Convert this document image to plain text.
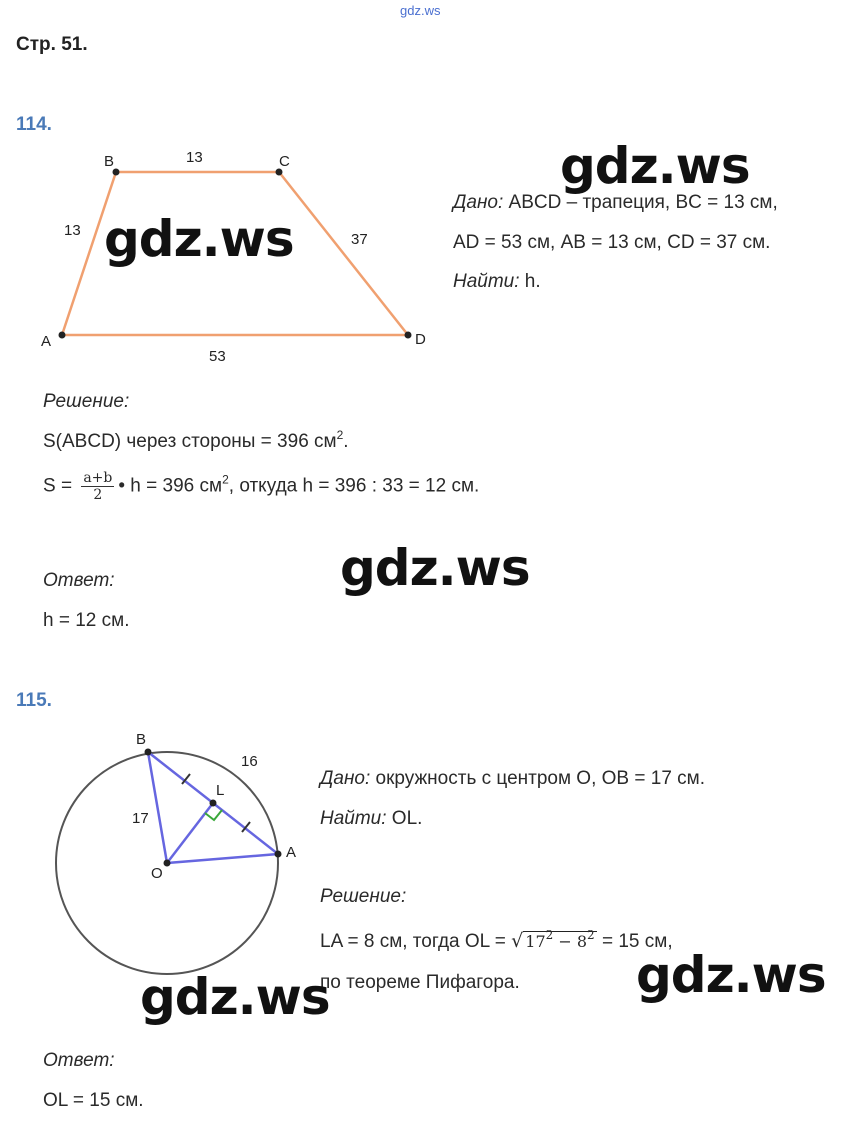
gdz.ws
Стр. 51.
114.
B	C
A	D
13
13
37
53
gdz.ws
gdz.ws
Дано: ABCD – трапеция, BC = 13 см,
AD = 53 см, AB = 13 см, CD = 37 см.
Найти: h.
Решение:
S(ABCD) через стороны = 396 $см^2$.
$S = \frac{a+b}{2}$ • h = 396 $см^2$, откуда h = 396 : 33 = 12 см.
gdz.ws
Ответ:
h = 12 см.
115.
B
L
A
O
17
16
Дано: окружность с центром O, OB = 17 см.
Найти: OL.
Решение:
LA = 8 см, тогда OL = √ $17^2 - 8^2 = 15$ см,
по теореме Пифагора. gdz.ws
gdz.ws
Ответ:
OL = 15 см.
